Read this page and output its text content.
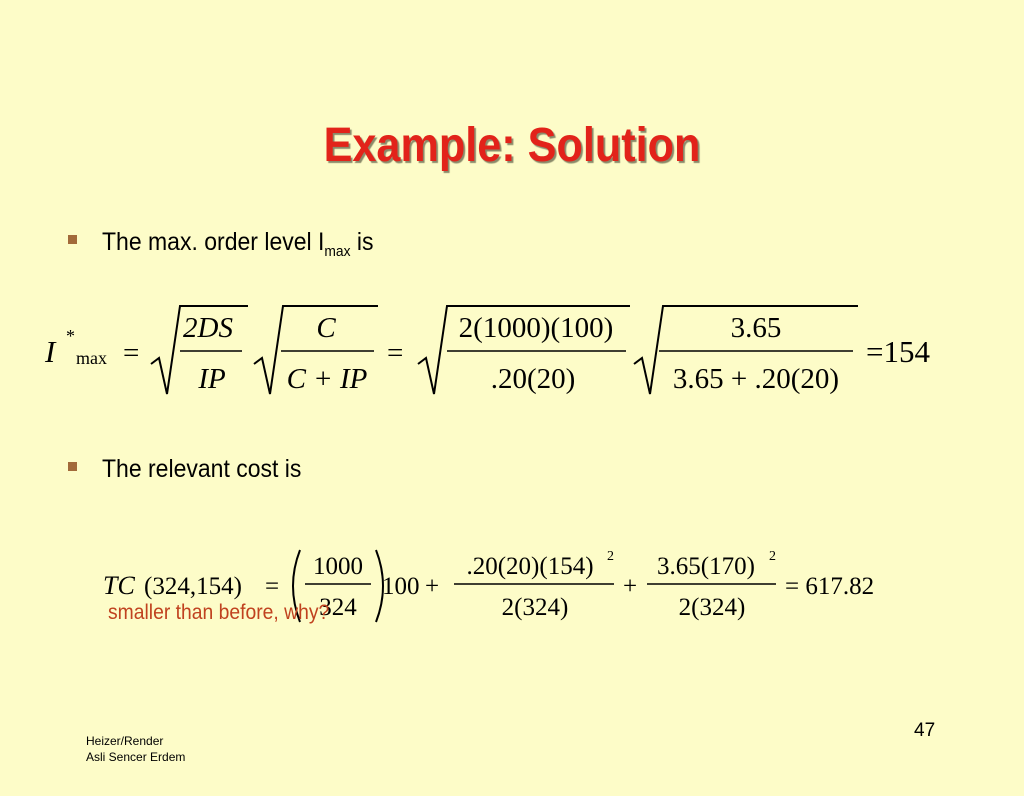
Example: Solution
The max. order level $I_{max}$ is
I *
max =
2DS
IP
C
C + IP
=
2(1000)(100)
.20(20)
3.65
3.65 + .20(20)
=154
The relevant cost is
TC (324,154) =
1000
324
100 +
.20(20)(154) 2
2(324)
+
3.65(170) 2
2(324)
= 617.82
smaller than before, why?
47
Heizer/Render
Asli Sencer Erdem
